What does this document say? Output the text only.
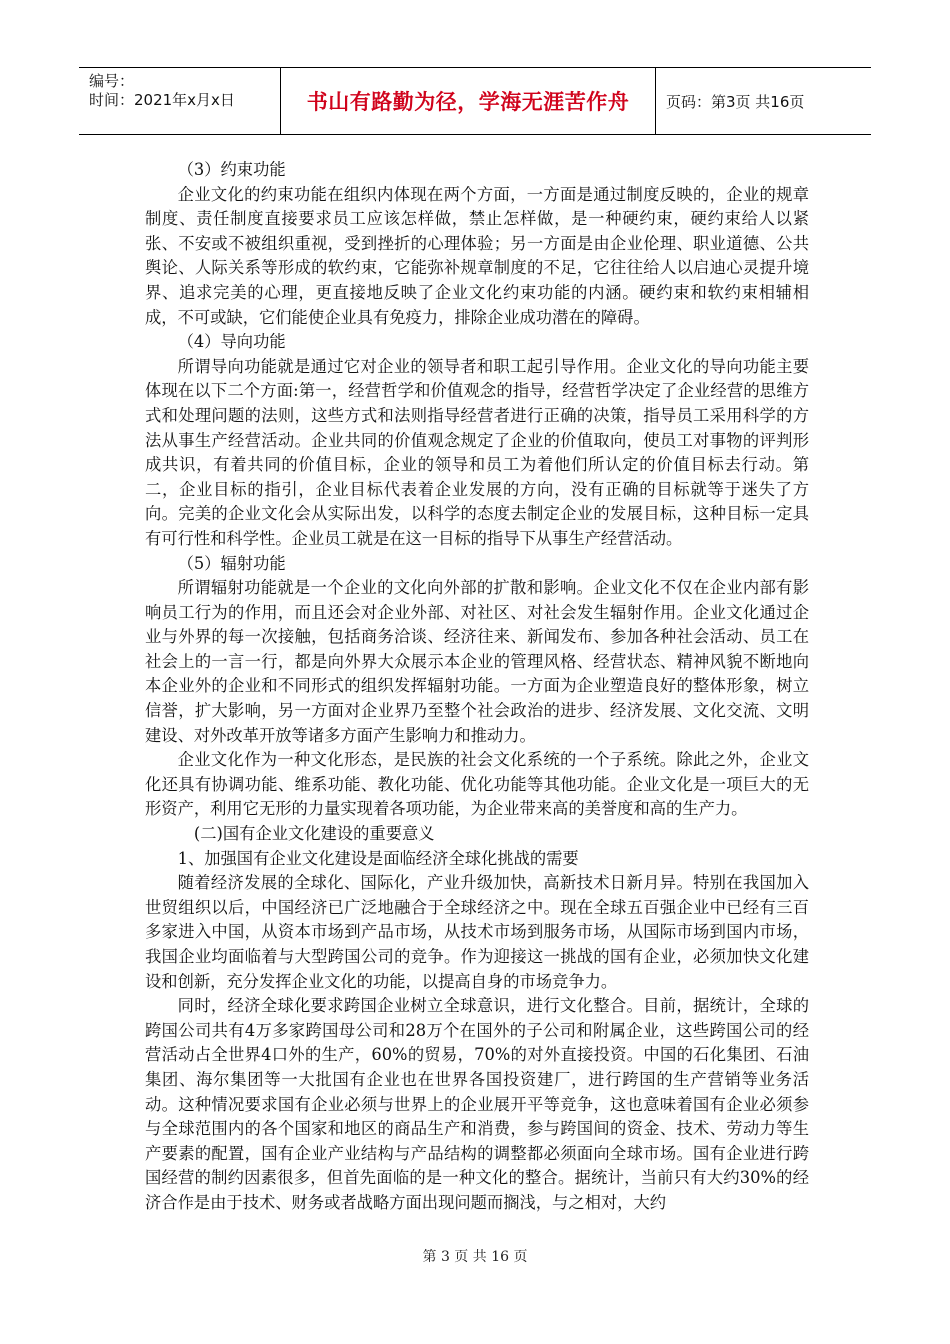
编号：
时间：2021年x月x日	书山有路勤为径，学海无涯苦作舟	页码：第3页 共16页

（3）约束功能

企业文化的约束功能在组织内体现在两个方面，一方面是通过制度反映的，企业的规章制度、责任制度直接要求员工应该怎样做，禁止怎样做，是一种硬约束，硬约束给人以紧张、不安或不被组织重视，受到挫折的心理体验；另一方面是由企业伦理、职业道德、公共舆论、人际关系等形成的软约束，它能弥补规章制度的不足，它往往给人以启迪心灵提升境界、追求完美的心理，更直接地反映了企业文化约束功能的内涵。硬约束和软约束相辅相成，不可或缺，它们能使企业具有免疫力，排除企业成功潜在的障碍。

（4）导向功能

所谓导向功能就是通过它对企业的领导者和职工起引导作用。企业文化的导向功能主要体现在以下二个方面:第一，经营哲学和价值观念的指导，经营哲学决定了企业经营的思维方式和处理问题的法则，这些方式和法则指导经营者进行正确的决策，指导员工采用科学的方法从事生产经营活动。企业共同的价值观念规定了企业的价值取向，使员工对事物的评判形成共识，有着共同的价值目标，企业的领导和员工为着他们所认定的价值目标去行动。第二，企业目标的指引，企业目标代表着企业发展的方向，没有正确的目标就等于迷失了方向。完美的企业文化会从实际出发，以科学的态度去制定企业的发展目标，这种目标一定具有可行性和科学性。企业员工就是在这一目标的指导下从事生产经营活动。

（5）辐射功能

所谓辐射功能就是一个企业的文化向外部的扩散和影响。企业文化不仅在企业内部有影响员工行为的作用，而且还会对企业外部、对社区、对社会发生辐射作用。企业文化通过企业与外界的每一次接触，包括商务洽谈、经济往来、新闻发布、参加各种社会活动、员工在社会上的一言一行，都是向外界大众展示本企业的管理风格、经营状态、精神风貌不断地向本企业外的企业和不同形式的组织发挥辐射功能。一方面为企业塑造良好的整体形象，树立信誉，扩大影响，另一方面对企业界乃至整个社会政治的进步、经济发展、文化交流、文明建设、对外改革开放等诸多方面产生影响力和推动力。

企业文化作为一种文化形态，是民族的社会文化系统的一个子系统。除此之外，企业文化还具有协调功能、维系功能、教化功能、优化功能等其他功能。企业文化是一项巨大的无形资产，利用它无形的力量实现着各项功能，为企业带来高的美誉度和高的生产力。

(二)国有企业文化建设的重要意义

1、加强国有企业文化建设是面临经济全球化挑战的需要

随着经济发展的全球化、国际化，产业升级加快，高新技术日新月异。特别在我国加入世贸组织以后，中国经济已广泛地融合于全球经济之中。现在全球五百强企业中已经有三百多家进入中国，从资本市场到产品市场，从技术市场到服务市场，从国际市场到国内市场，我国企业均面临着与大型跨国公司的竞争。作为迎接这一挑战的国有企业，必须加快文化建设和创新，充分发挥企业文化的功能，以提高自身的市场竞争力。

同时，经济全球化要求跨国企业树立全球意识，进行文化整合。目前，据统计，全球的跨国公司共有4万多家跨国母公司和28万个在国外的子公司和附属企业，这些跨国公司的经营活动占全世界4口外的生产，60%的贸易，70%的对外直接投资。中国的石化集团、石油集团、海尔集团等一大批国有企业也在世界各国投资建厂，进行跨国的生产营销等业务活动。这种情况要求国有企业必须与世界上的企业展开平等竞争，这也意味着国有企业必须参与全球范围内的各个国家和地区的商品生产和消费，参与跨国间的资金、技术、劳动力等生产要素的配置，国有企业产业结构与产品结构的调整都必须面向全球市场。国有企业进行跨国经营的制约因素很多，但首先面临的是一种文化的整合。据统计，当前只有大约30%的经济合作是由于技术、财务或者战略方面出现问题而搁浅，与之相对，大约

第 3 页 共 16 页
